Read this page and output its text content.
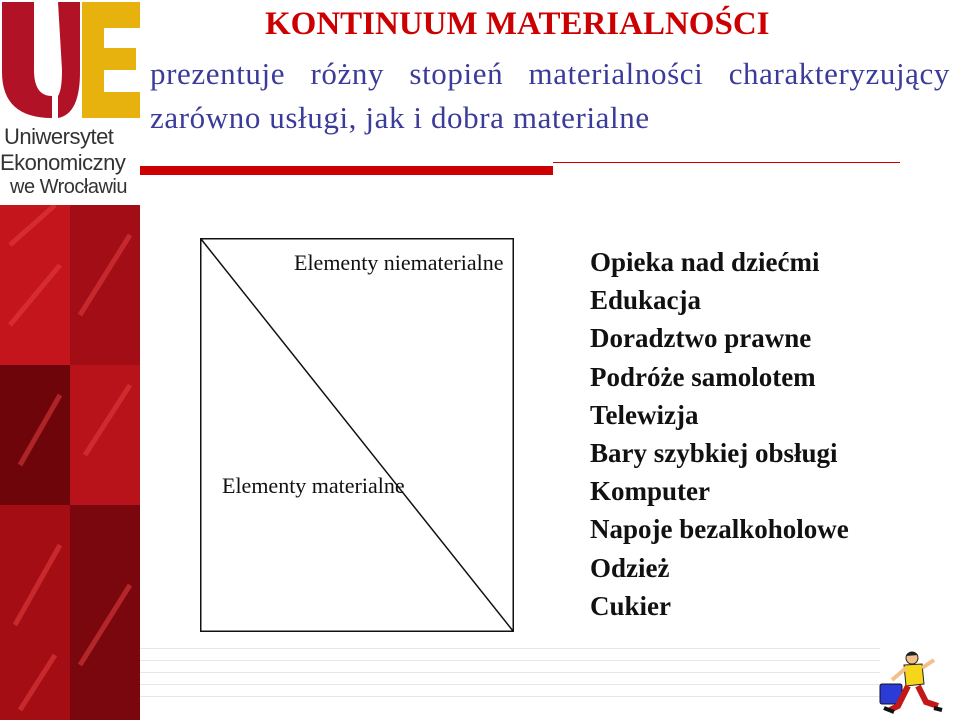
Uniwersytet
Ekonomiczny
we Wrocławiu
KONTINUUM MATERIALNOŚCI

prezentuje różny stopień materialności charakteryzujący zarówno usługi, jak i dobra materialne

Elementy niematerialne
Elementy materialne
Opieka nad dziećmi
Edukacja
Doradztwo prawne
Podróże samolotem
Telewizja
Bary szybkiej obsługi
Komputer
Napoje bezalkoholowe
Odzież
Cukier
